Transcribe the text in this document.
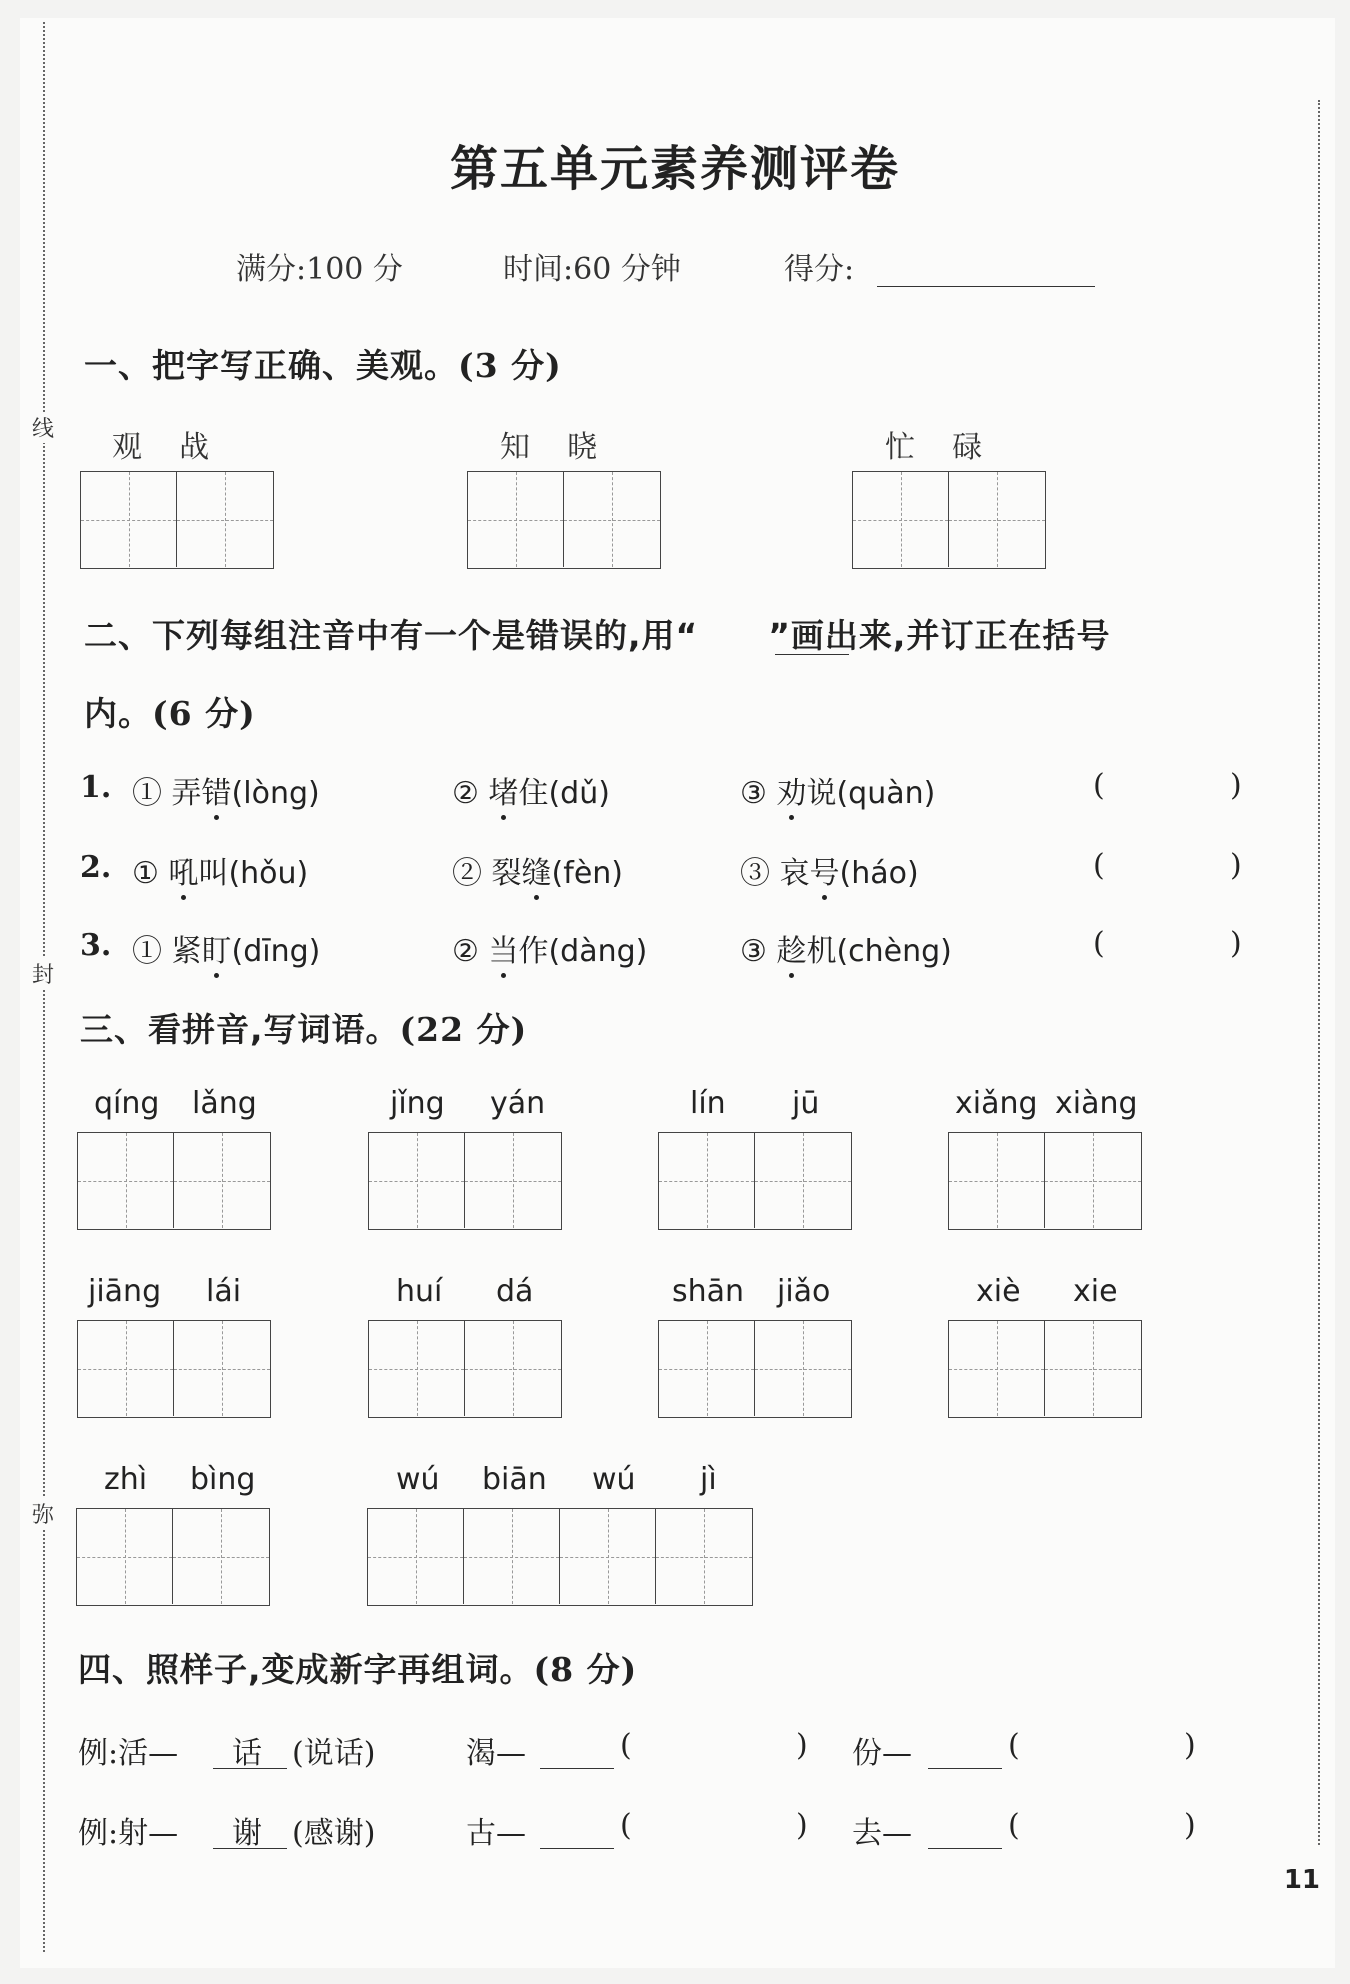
线
封
弥
第五单元素养测评卷
满分:100 分	时间:60 分钟	得分:
一、把字写正确、美观。(3 分)
观  战	知  晓	忙  碌
二、下列每组注音中有一个是错误的,用“ ”画出来,并订正在括号
内。(6 分)
1. ① 弄错(lòng)	② 堵住(dǔ)	③ 劝说(quàn)	(	)
2. ① 吼叫(hǒu)	② 裂缝(fèn)	③ 哀号(háo)	(	)
3. ① 紧盯(dīng)	② 当作(dàng)	③ 趁机(chèng)	(	)
三、看拼音,写词语。(22 分)
qíng lǎng	jǐng yán	lín jū	xiǎng xiàng
jiāng lái	huí dá	shān jiǎo	xiè xie
zhì bìng	wú biān wú jì
四、照样子,变成新字再组词。(8 分)
例:活— 话 (说话)	渴—	(	) 份—	(	)
例:射— 谢 (感谢)	古—	(	) 去—	(	)
11
